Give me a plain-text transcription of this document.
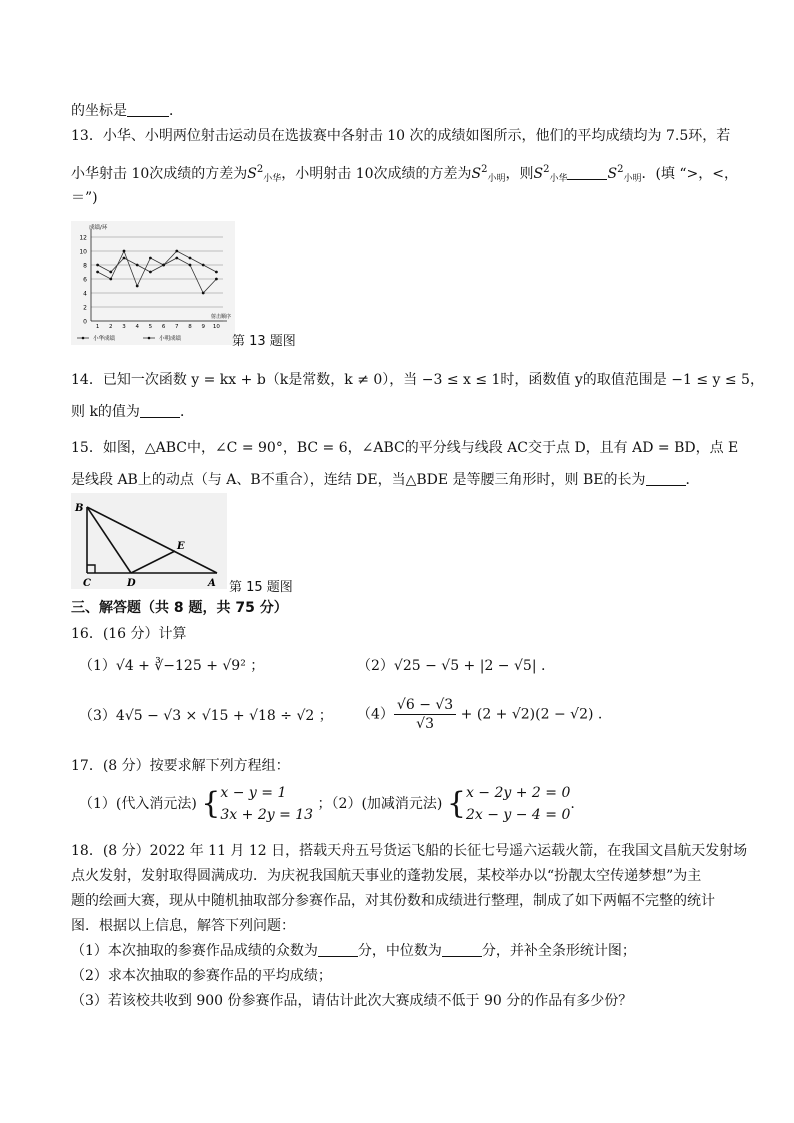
的坐标是	．
13．小华、小明两位射击运动员在选拔赛中各射击 10 次的成绩如图所示，他们的平均成绩均为 7.5环，若
小华射击 10次成绩的方差为$S^2_{小华}$，小明射击 10次成绩的方差为$S^2_{小明}$，则$S^2_{小华}$	$S^2_{小明}$．(填 “>，<，
＝”)
0
2
4
6
8
10
12
成绩/环
射击顺序
1 2 3 4 5 6 7 8 9 10
小华成绩	小明成绩	第 13 题图
14．已知一次函数 y = kx + b（k是常数，k ≠ 0），当 −3 ≤ x ≤ 1时，函数值 y的取值范围是 −1 ≤ y ≤ 5，
则 k的值为	．
15．如图，△ABC中，∠C = 90°，BC = 6，∠ABC的平分线与线段 AC交于点 D，且有 AD = BD，点 E
是线段 AB上的动点（与 A、B不重合），连结 DE，当△BDE 是等腰三角形时，则 BE的长为	．
B
C	D
E
A 第 15 题图
三、解答题（共 8 题，共 75 分）
16．(16 分）计算
（1）√4 + ∛−125 + √9² ；	（2）√25 − √5 + |2 − √5| .
（3）4√5 − √3 × √15 + √18 ÷ √2 ； $(4) \frac{√6 - √3}{√3} + (2 + √2)(2 - √2)$ .
17．(8 分）按要求解下列方程组：
（1）(代入消元法) { x − y = 1
3x + 2y = 13
；（2）(加减消元法) { x − 2y + 2 = 0
2x − y − 4 = 0
.
18．(8 分）2022 年 11 月 12 日，搭载天舟五号货运飞船的长征七号遥六运载火箭，在我国文昌航天发射场
点火发射，发射取得圆满成功．为庆祝我国航天事业的蓬勃发展，某校举办以“扮靓太空传递梦想”为主
题的绘画大赛，现从中随机抽取部分参赛作品，对其份数和成绩进行整理，制成了如下两幅不完整的统计
图．根据以上信息，解答下列问题：
（1）本次抽取的参赛作品成绩的众数为	分，中位数为	分，并补全条形统计图；
（2）求本次抽取的参赛作品的平均成绩；
（3）若该校共收到 900 份参赛作品，请估计此次大赛成绩不低于 90 分的作品有多少份？
